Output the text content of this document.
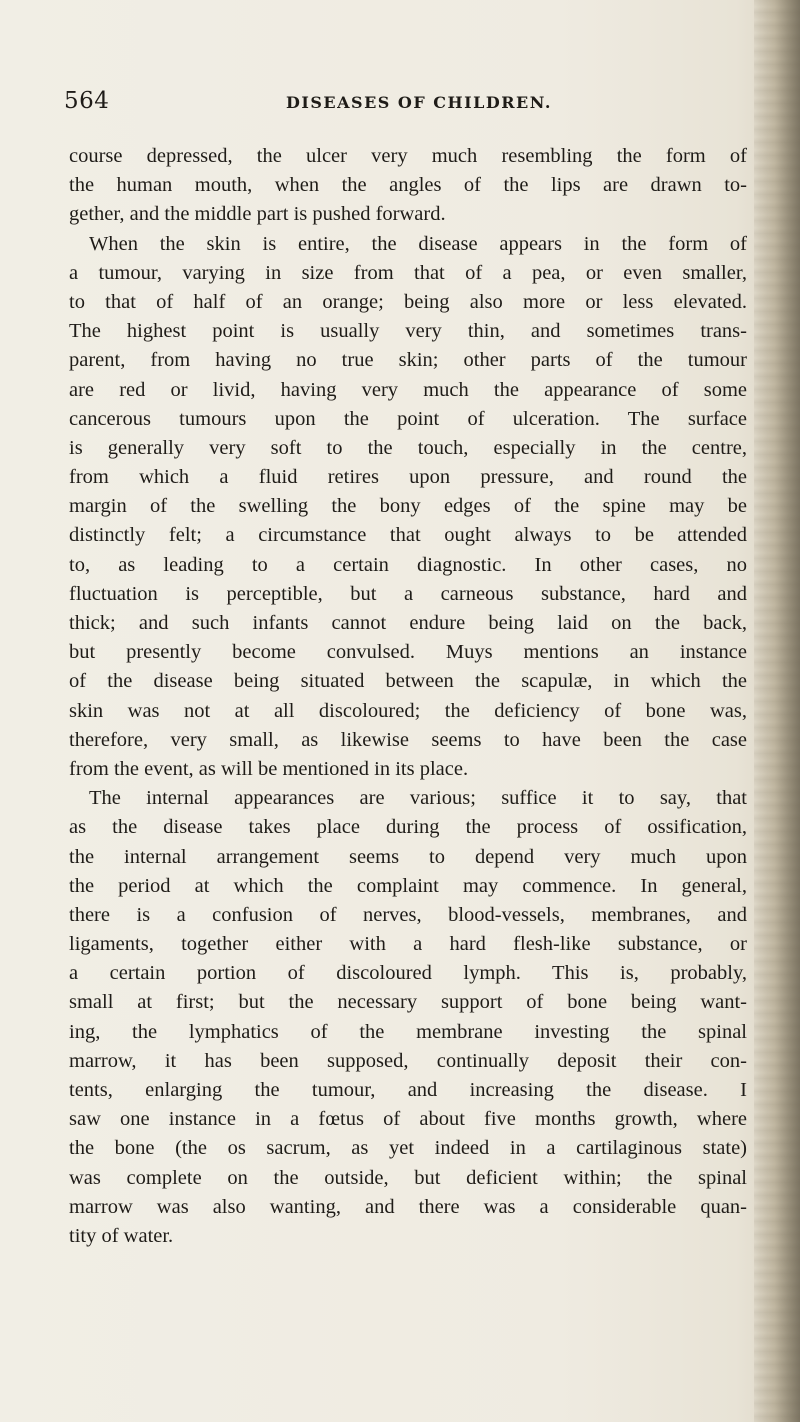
564	DISEASES OF CHILDREN.
course depressed, the ulcer very much resembling the form of
the human mouth, when the angles of the lips are drawn to-
gether, and the middle part is pushed forward.
When the skin is entire, the disease appears in the form of
a tumour, varying in size from that of a pea, or even smaller,
to that of half of an orange; being also more or less elevated.
The highest point is usually very thin, and sometimes trans-
parent, from having no true skin; other parts of the tumour
are red or livid, having very much the appearance of some
cancerous tumours upon the point of ulceration. The surface
is generally very soft to the touch, especially in the centre,
from which a fluid retires upon pressure, and round the
margin of the swelling the bony edges of the spine may be
distinctly felt; a circumstance that ought always to be attended
to, as leading to a certain diagnostic. In other cases, no
fluctuation is perceptible, but a carneous substance, hard and
thick; and such infants cannot endure being laid on the back,
but presently become convulsed. Muys mentions an instance
of the disease being situated between the scapulæ, in which the
skin was not at all discoloured; the deficiency of bone was,
therefore, very small, as likewise seems to have been the case
from the event, as will be mentioned in its place.
The internal appearances are various; suffice it to say, that
as the disease takes place during the process of ossification,
the internal arrangement seems to depend very much upon
the period at which the complaint may commence. In general,
there is a confusion of nerves, blood-vessels, membranes, and
ligaments, together either with a hard flesh-like substance, or
a certain portion of discoloured lymph. This is, probably,
small at first; but the necessary support of bone being want-
ing, the lymphatics of the membrane investing the spinal
marrow, it has been supposed, continually deposit their con-
tents, enlarging the tumour, and increasing the disease. I
saw one instance in a fœtus of about five months growth, where
the bone (the os sacrum, as yet indeed in a cartilaginous state)
was complete on the outside, but deficient within; the spinal
marrow was also wanting, and there was a considerable quan-
tity of water.
